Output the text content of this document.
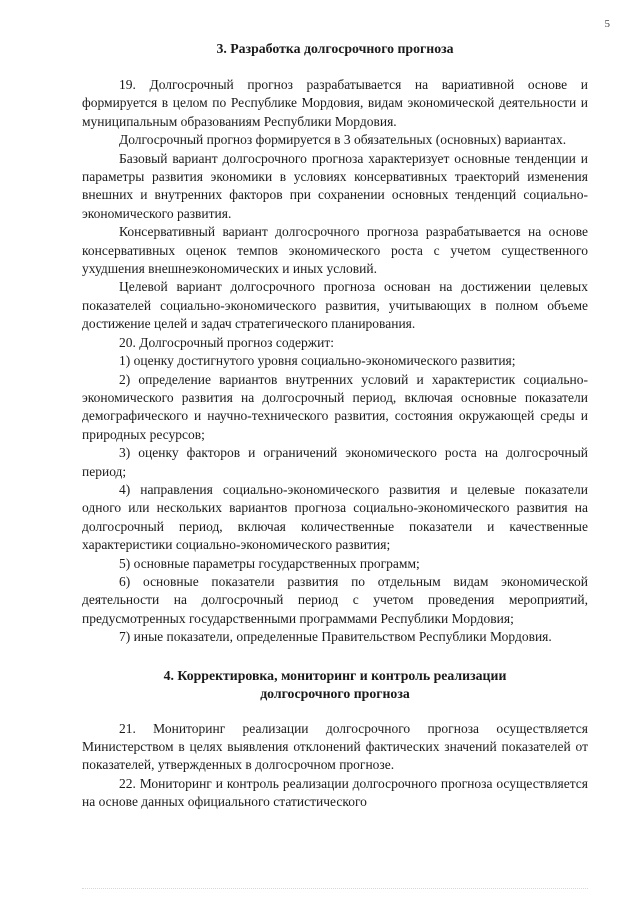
5
3. Разработка долгосрочного прогноза

19. Долгосрочный прогноз разрабатывается на вариативной основе и формируется в целом по Республике Мордовия, видам экономической деятельности и муниципальным образованиям Республики Мордовия.

Долгосрочный прогноз формируется в 3 обязательных (основных) вариантах.

Базовый вариант долгосрочного прогноза характеризует основные тенденции и параметры развития экономики в условиях консервативных траекторий изменения внешних и внутренних факторов при сохранении основных тенденций социально-экономического развития.

Консервативный вариант долгосрочного прогноза разрабатывается на основе консервативных оценок темпов экономического роста с учетом существенного ухудшения внешнеэкономических и иных условий.

Целевой вариант долгосрочного прогноза основан на достижении целевых показателей социально-экономического развития, учитывающих в полном объеме достижение целей и задач стратегического планирования.

20. Долгосрочный прогноз содержит:

1) оценку достигнутого уровня социально-экономического развития;

2) определение вариантов внутренних условий и характеристик социально-экономического развития на долгосрочный период, включая основные показатели демографического и научно-технического развития, состояния окружающей среды и природных ресурсов;

3) оценку факторов и ограничений экономического роста на долгосрочный период;

4) направления социально-экономического развития и целевые показатели одного или нескольких вариантов прогноза социально-экономического развития на долгосрочный период, включая количественные показатели и качественные характеристики социально-экономического развития;

5) основные параметры государственных программ;

6) основные показатели развития по отдельным видам экономической деятельности на долгосрочный период с учетом проведения мероприятий, предусмотренных государственными программами Республики Мордовия;

7) иные показатели, определенные Правительством Республики Мордовия.

4. Корректировка, мониторинг и контроль реализации
долгосрочного прогноза

21. Мониторинг реализации долгосрочного прогноза осуществляется Министерством в целях выявления отклонений фактических значений показателей от показателей, утвержденных в долгосрочном прогнозе.

22. Мониторинг и контроль реализации долгосрочного прогноза осуществляется на основе данных официального статистического
